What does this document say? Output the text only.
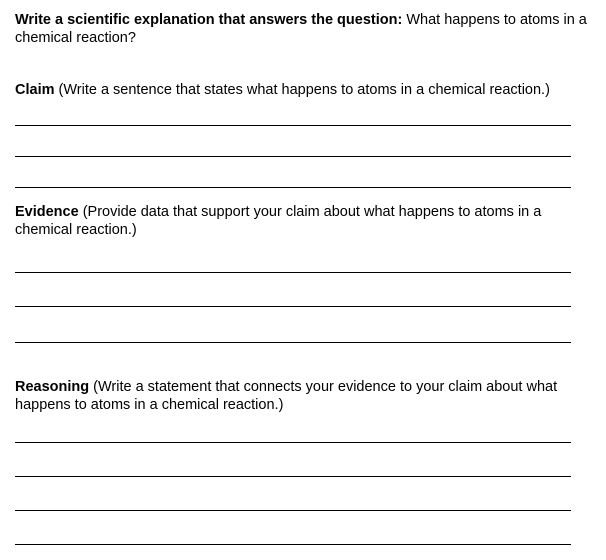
Write a scientific explanation that answers the question: What happens to atoms in a chemical reaction?
Claim (Write a sentence that states what happens to atoms in a chemical reaction.)
Evidence (Provide data that support your claim about what happens to atoms in a chemical reaction.)
Reasoning (Write a statement that connects your evidence to your claim about what happens to atoms in a chemical reaction.)
